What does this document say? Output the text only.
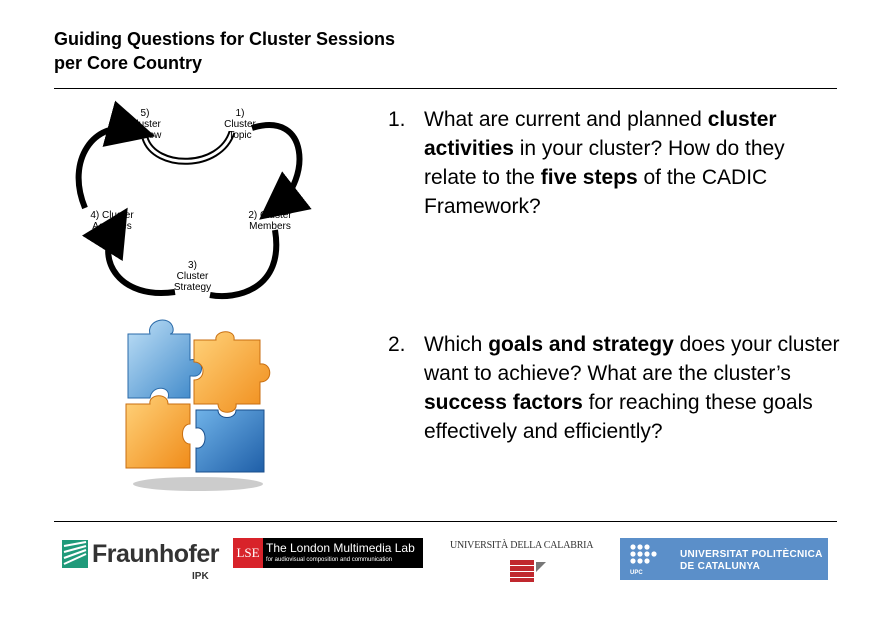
Guiding Questions for Cluster Sessions
per Core Country
5)
Cluster
Review
1)
Cluster
Topic
2) Cluster
Members
4) Cluster
Activities
3)
Cluster
Strategy
1. What are current and planned cluster activities in your cluster? How do they relate to the five steps of the CADIC Framework?
2. Which goals and strategy does your cluster want to achieve? What are the cluster’s success factors for reaching these goals effectively and efficiently?
Fraunhofer
IPK
LSE The London Multimedia Lab
for audiovisual composition and communication
UNIVERSITÀ DELLA CALABRIA
UPC
UNIVERSITAT POLITÈCNICA
DE CATALUNYA
